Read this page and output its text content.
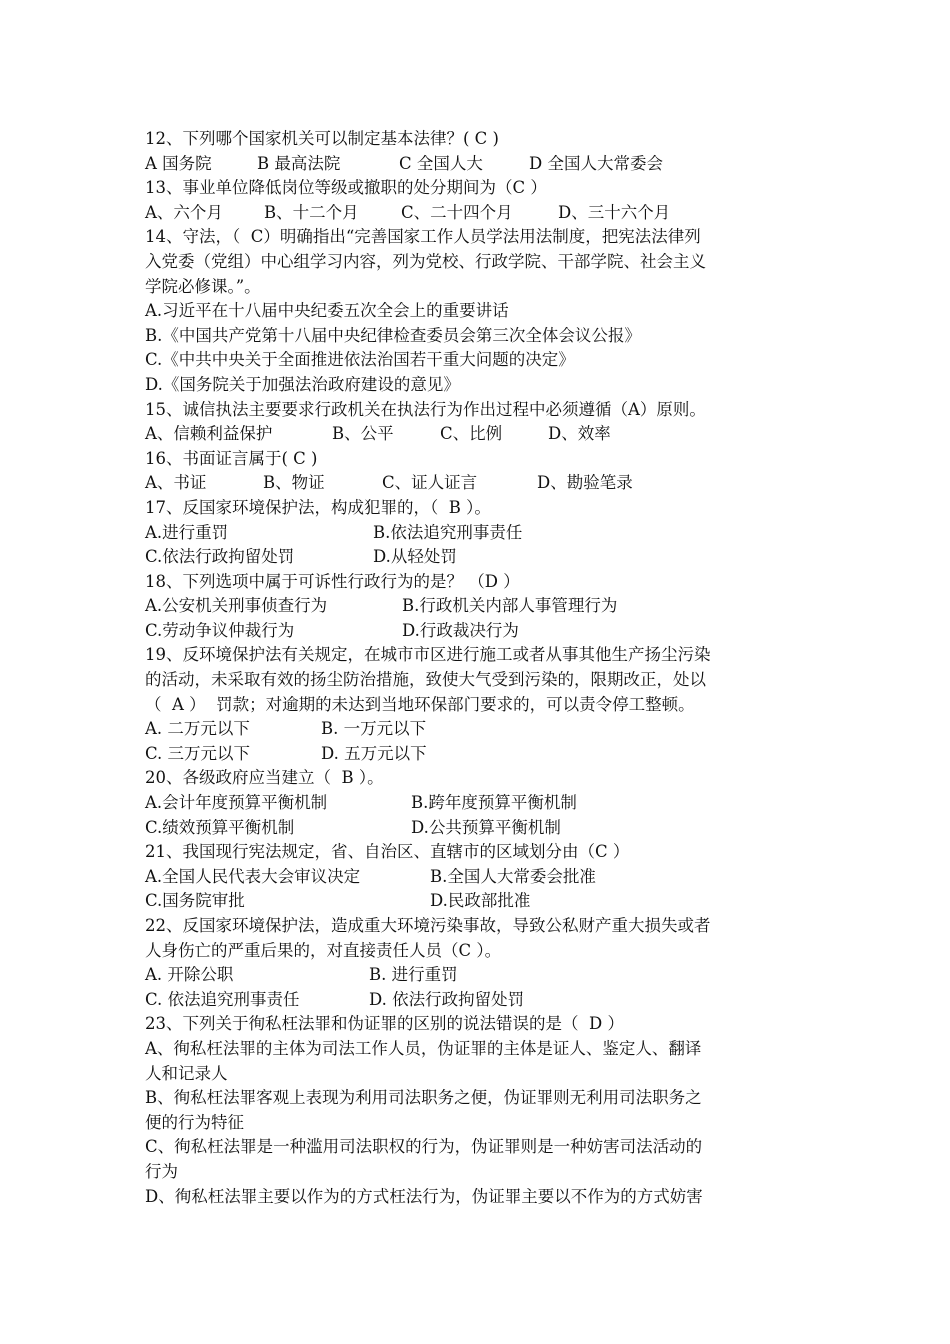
12、下列哪个国家机关可以制定基本法律？( C )
A 国务院	B 最高法院	C 全国人大	D 全国人大常委会
13、事业单位降低岗位等级或撤职的处分期间为（C ）
A、六个月	B、十二个月	C、二十四个月	D、三十六个月
14、守法，（  C）明确指出“完善国家工作人员学法用法制度，把宪法法律列
入党委（党组）中心组学习内容，列为党校、行政学院、干部学院、社会主义
学院必修课。”。
A.习近平在十八届中央纪委五次全会上的重要讲话
B.《中国共产党第十八届中央纪律检查委员会第三次全体会议公报》
C.《中共中央关于全面推进依法治国若干重大问题的决定》
D.《国务院关于加强法治政府建设的意见》
15、诚信执法主要要求行政机关在执法行为作出过程中必须遵循（A）原则。
A、信赖利益保护	B、公平	C、比例	D、效率
16、书面证言属于( C )
A、书证	B、物证	C、证人证言	D、勘验笔录
17、反国家环境保护法，构成犯罪的，（  B ）。
A.进行重罚	B.依法追究刑事责任
C.依法行政拘留处罚	D.从轻处罚
18、下列选项中属于可诉性行政行为的是？ （D ）
A.公安机关刑事侦查行为	B.行政机关内部人事管理行为
C.劳动争议仲裁行为	D.行政裁决行为
19、反环境保护法有关规定，在城市市区进行施工或者从事其他生产扬尘污染
的活动，未采取有效的扬尘防治措施，致使大气受到污染的，限期改正，处以
（  A ）  罚款；对逾期的未达到当地环保部门要求的，可以责令停工整顿。
A. 二万元以下	B. 一万元以下
C. 三万元以下	D. 五万元以下
20、各级政府应当建立（  B ）。
A.会计年度预算平衡机制	B.跨年度预算平衡机制
C.绩效预算平衡机制	D.公共预算平衡机制
21、我国现行宪法规定，省、自治区、直辖市的区域划分由（C ）
A.全国人民代表大会审议决定	B.全国人大常委会批准
C.国务院审批	D.民政部批准
22、反国家环境保护法，造成重大环境污染事故，导致公私财产重大损失或者
人身伤亡的严重后果的，对直接责任人员（C ）。
A. 开除公职	B. 进行重罚
C. 依法追究刑事责任	D. 依法行政拘留处罚
23、下列关于徇私枉法罪和伪证罪的区别的说法错误的是（  D ）
A、徇私枉法罪的主体为司法工作人员，伪证罪的主体是证人、鉴定人、翻译
人和记录人
B、徇私枉法罪客观上表现为利用司法职务之便，伪证罪则无利用司法职务之
便的行为特征
C、徇私枉法罪是一种滥用司法职权的行为，伪证罪则是一种妨害司法活动的
行为
D、徇私枉法罪主要以作为的方式枉法行为，伪证罪主要以不作为的方式妨害
